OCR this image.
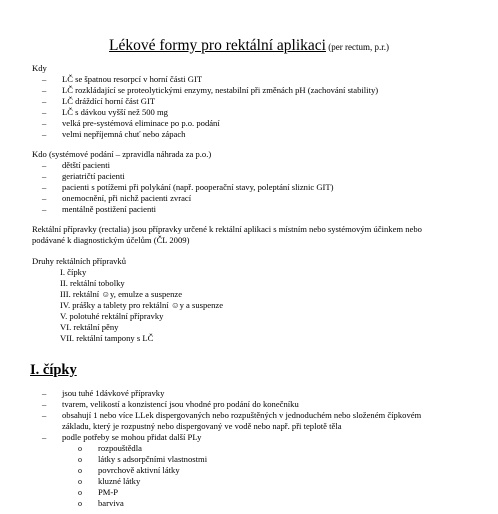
Lékové formy pro rektální aplikaci (per rectum, p.r.)
Kdy
– LČ se špatnou resorpcí v horní části GIT
– LČ rozkládající se proteolytickými enzymy, nestabilní při změnách pH (zachování stability)
– LČ dráždící horní část GIT
– LČ s dávkou vyšší než 500 mg
– velká pre-systémová eliminace po p.o. podání
– velmi nepříjemná chuť nebo zápach
Kdo (systémové podání – zpravidla náhrada za p.o.)
– dětští pacienti
– geriatričtí pacienti
– pacienti s potížemi při polykání (např. pooperační stavy, poleptání sliznic GIT)
– onemocnění, při nichž pacienti zvrací
– mentálně postižení pacienti
Rektální přípravky (rectalia) jsou přípravky určené k rektální aplikaci s místním nebo systémovým účinkem nebo podávané k diagnostickým účelům (ČL 2009)
Druhy rektálních přípravků
I. čípky
II. rektální tobolky
III. rektální ☺y, emulze a suspenze
IV. prášky a tablety pro rektální ☺y a suspenze
V. polotuhé rektální přípravky
VI. rektální pěny
VII. rektální tampony s LČ
I. čípky
– jsou tuhé 1dávkové přípravky
– tvarem, velikostí a konzistencí jsou vhodné pro podání do konečníku
– obsahují 1 nebo více LLek dispergovaných nebo rozpuštěných v jednoduchém nebo složeném čípkovém základu, který je rozpustný nebo dispergovaný ve vodě nebo např. při teplotě těla
– podle potřeby se mohou přidat další PLy
o rozpouštědla
o látky s adsorpčními vlastnostmi
o povrchově aktivní látky
o kluzné látky
o PM-P
o barviva
